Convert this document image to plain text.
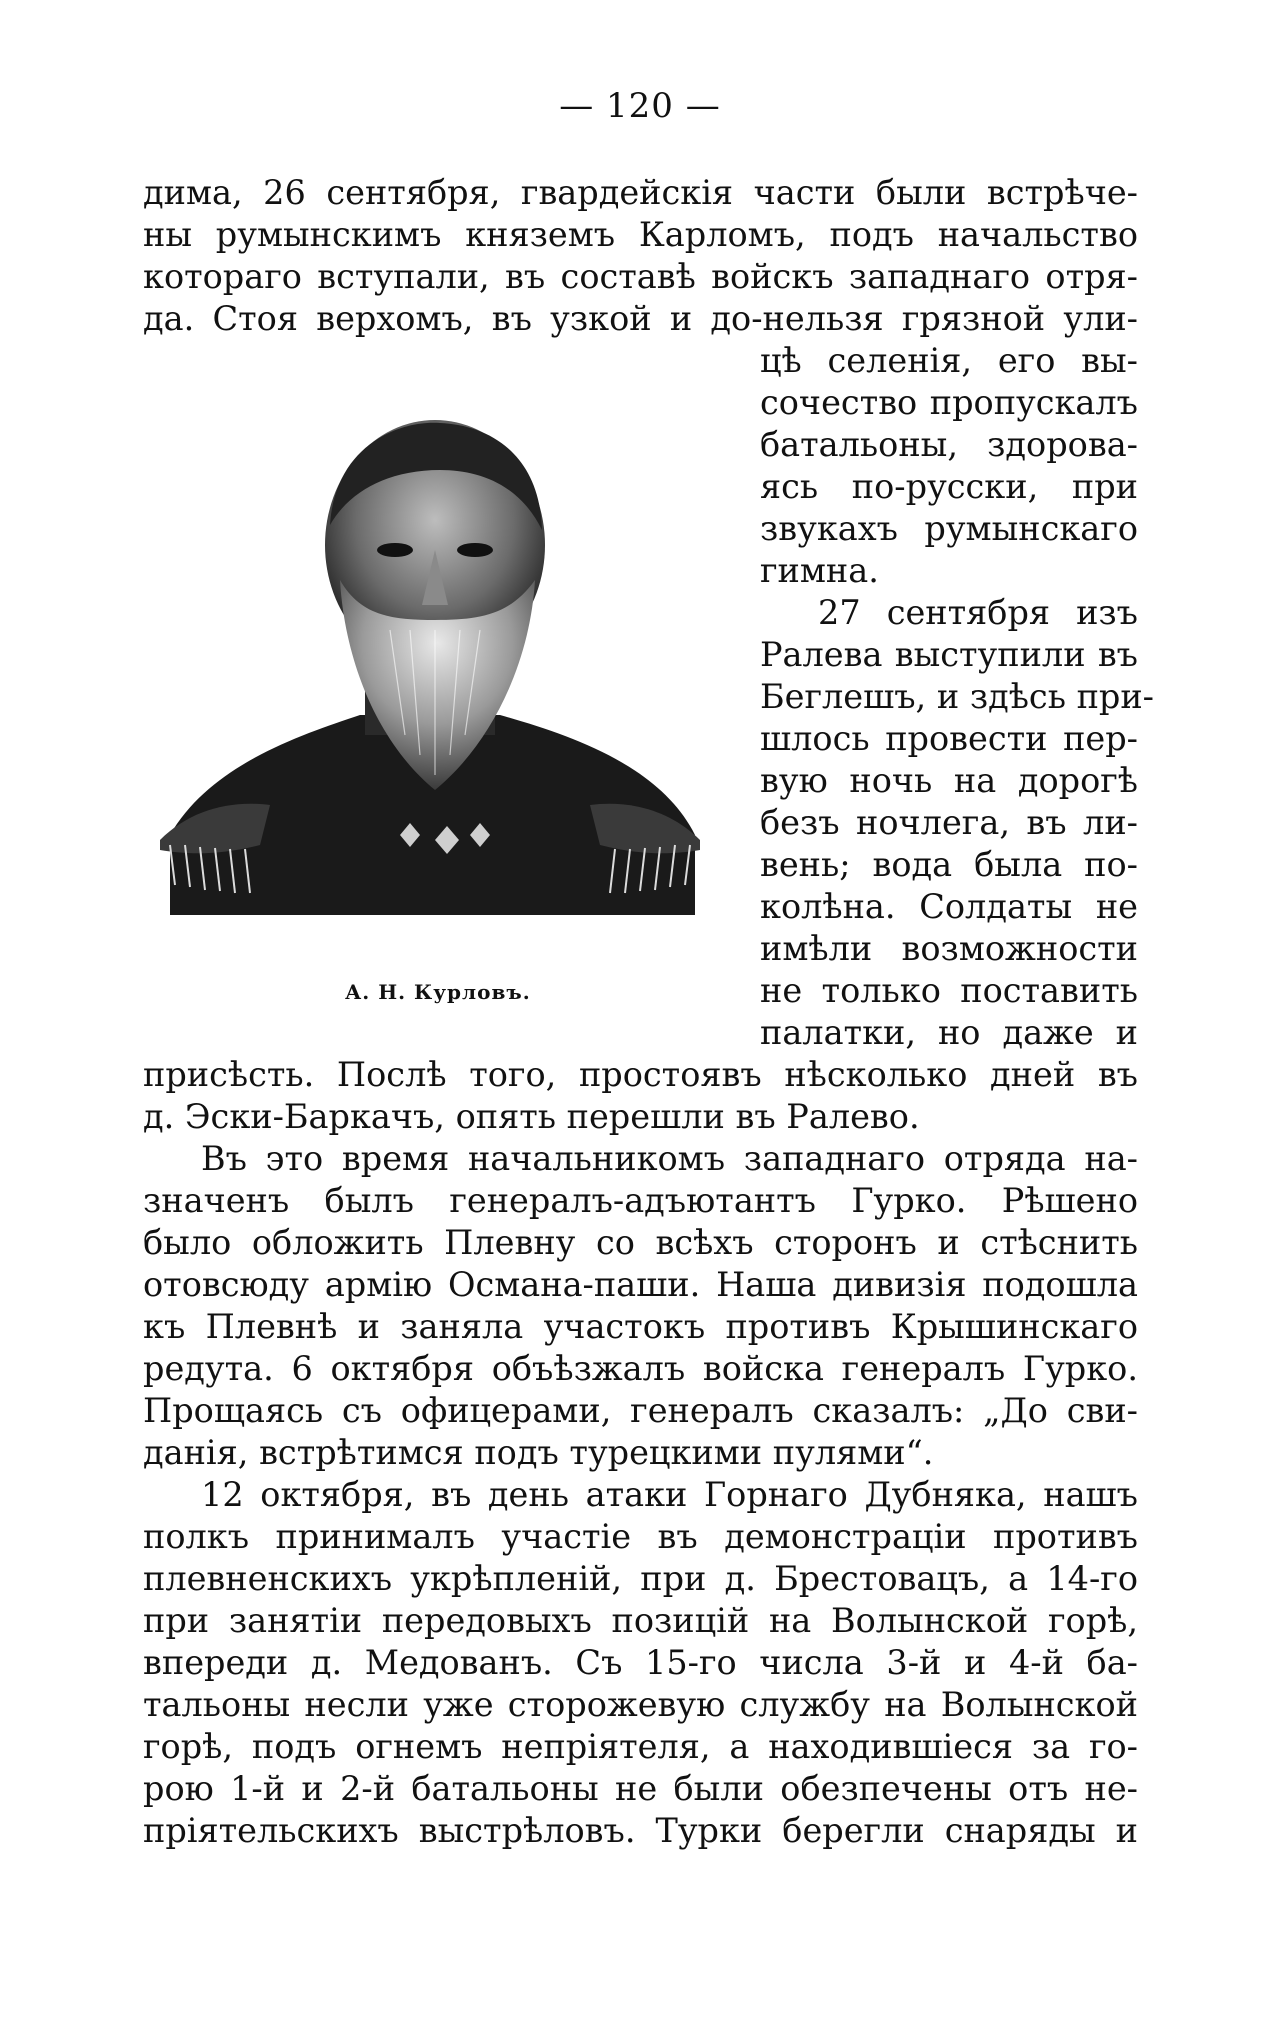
— 120 —
дима, 26 сентября, гвардейскія части были встрѣче-
ны румынскимъ княземъ Карломъ, подъ начальство
котораго вступали, въ составѣ войскъ западнаго отря-
да. Стоя верхомъ, въ узкой и до-нельзя грязной ули-
А. Н. Курловъ.
цѣ селенія, его вы-
сочество пропускалъ
батальоны, здорова-
ясь по-русски, при
звукахъ румынскаго
гимна.
27 сентября изъ
Ралева выступили въ
Беглешъ, и здѣсь при-
шлось провести пер-
вую ночь на дорогѣ
безъ ночлега, въ ли-
вень; вода была по-
колѣна. Солдаты не
имѣли возможности
не только поставить
палатки, но даже и
присѣсть. Послѣ того, простоявъ нѣсколько дней въ
д. Эски-Баркачъ, опять перешли въ Ралево.
Въ это время начальникомъ западнаго отряда на-
значенъ былъ генералъ-адъютантъ Гурко. Рѣшено
было обложить Плевну со всѣхъ сторонъ и стѣснить
отовсюду армію Османа-паши. Наша дивизія подошла
къ Плевнѣ и заняла участокъ противъ Крышинскаго
редута. 6 октября объѣзжалъ войска генералъ Гурко.
Прощаясь съ офицерами, генералъ сказалъ: „До сви-
данія, встрѣтимся подъ турецкими пулями“.
12 октября, въ день атаки Горнаго Дубняка, нашъ
полкъ принималъ участіе въ демонстраціи противъ
плевненскихъ укрѣпленій, при д. Брестовацъ, а 14-го
при занятіи передовыхъ позицій на Волынской горѣ,
впереди д. Медованъ. Съ 15-го числа 3-й и 4-й ба-
тальоны несли уже сторожевую службу на Волынской
горѣ, подъ огнемъ непріятеля, а находившіеся за го-
рою 1-й и 2-й батальоны не были обезпечены отъ не-
пріятельскихъ выстрѣловъ. Турки берегли снаряды и
